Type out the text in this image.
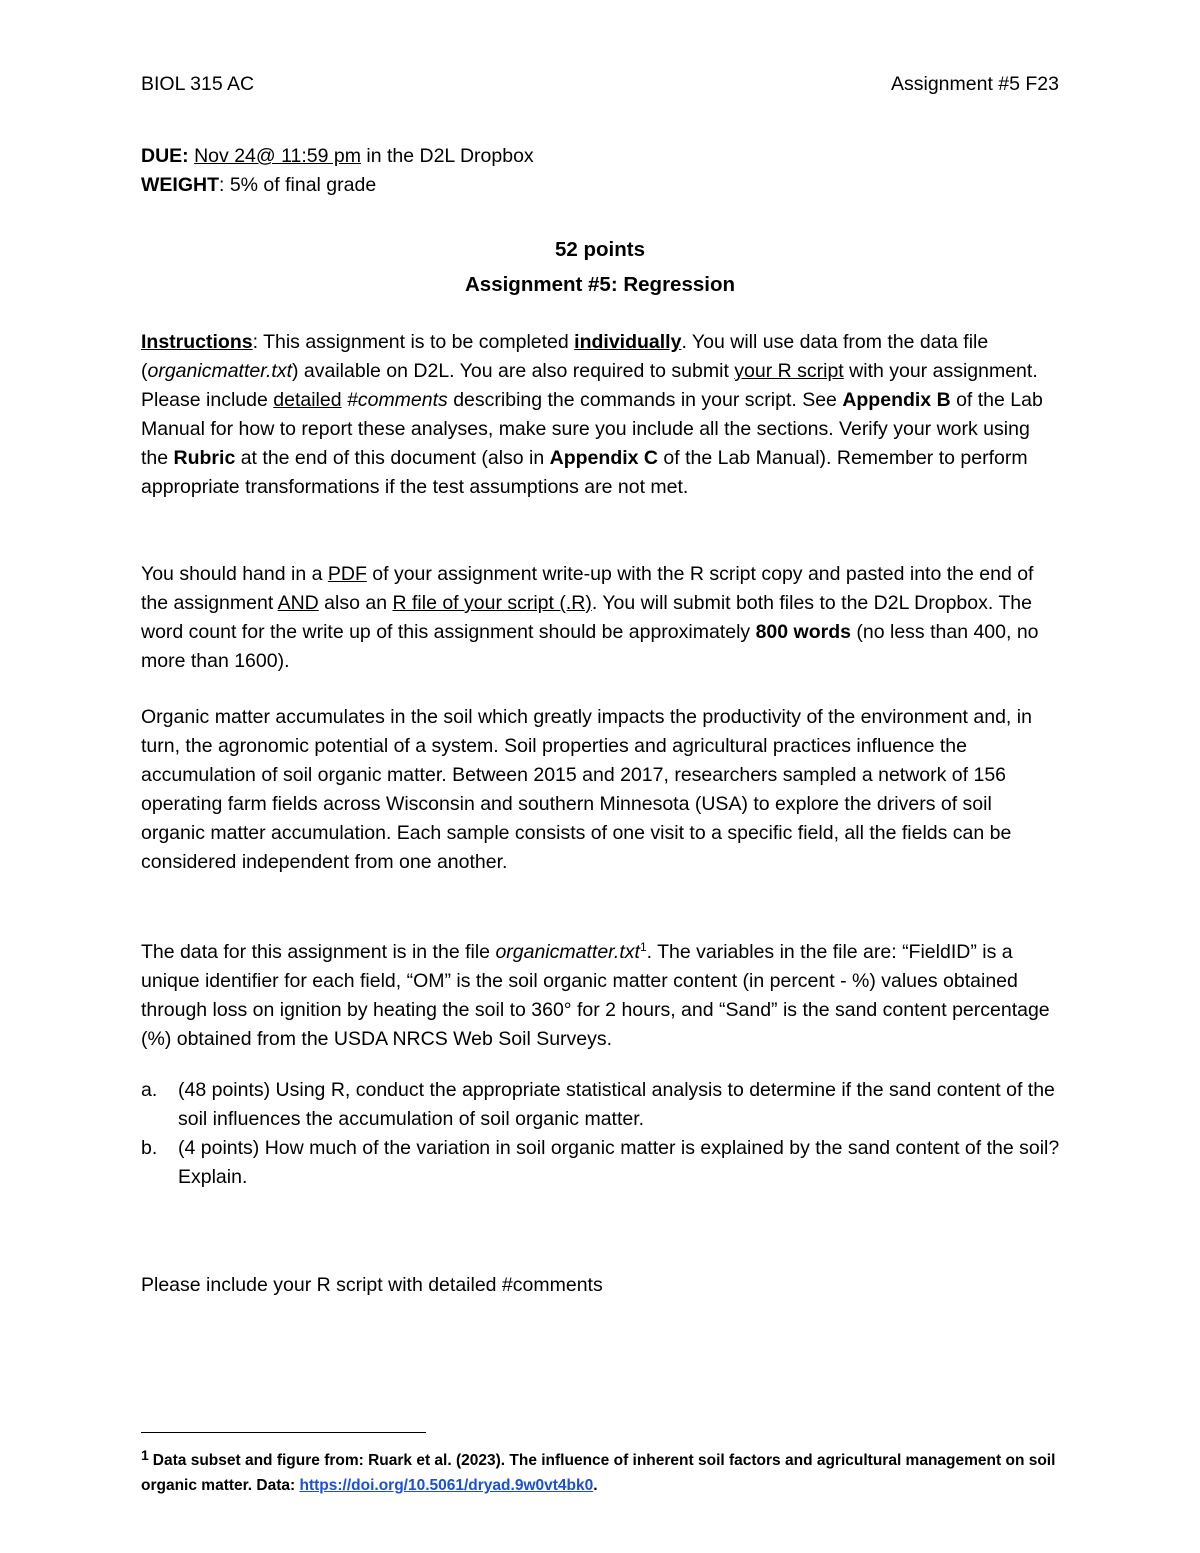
BIOL 315 AC	Assignment #5 F23
DUE: Nov 24@ 11:59 pm in the D2L Dropbox
WEIGHT: 5% of final grade
52 points
Assignment #5: Regression
Instructions: This assignment is to be completed individually. You will use data from the data file (organicmatter.txt) available on D2L. You are also required to submit your R script with your assignment. Please include detailed #comments describing the commands in your script. See Appendix B of the Lab Manual for how to report these analyses, make sure you include all the sections. Verify your work using the Rubric at the end of this document (also in Appendix C of the Lab Manual). Remember to perform appropriate transformations if the test assumptions are not met.
You should hand in a PDF of your assignment write-up with the R script copy and pasted into the end of the assignment AND also an R file of your script (.R). You will submit both files to the D2L Dropbox. The word count for the write up of this assignment should be approximately 800 words (no less than 400, no more than 1600).
Organic matter accumulates in the soil which greatly impacts the productivity of the environment and, in turn, the agronomic potential of a system. Soil properties and agricultural practices influence the accumulation of soil organic matter. Between 2015 and 2017, researchers sampled a network of 156 operating farm fields across Wisconsin and southern Minnesota (USA) to explore the drivers of soil organic matter accumulation. Each sample consists of one visit to a specific field, all the fields can be considered independent from one another.
The data for this assignment is in the file organicmatter.txt$^1$. The variables in the file are: “FieldID” is a unique identifier for each field, “OM” is the soil organic matter content (in percent - %) values obtained through loss on ignition by heating the soil to 360° for 2 hours, and “Sand” is the sand content percentage (%) obtained from the USDA NRCS Web Soil Surveys.
a. (48 points) Using R, conduct the appropriate statistical analysis to determine if the sand content of the soil influences the accumulation of soil organic matter.
b. (4 points) How much of the variation in soil organic matter is explained by the sand content of the soil? Explain.
Please include your R script with detailed #comments
$^1$ Data subset and figure from: Ruark et al. (2023). The influence of inherent soil factors and agricultural management on soil organic matter. Data: https://doi.org/10.5061/dryad.9w0vt4bk0.
